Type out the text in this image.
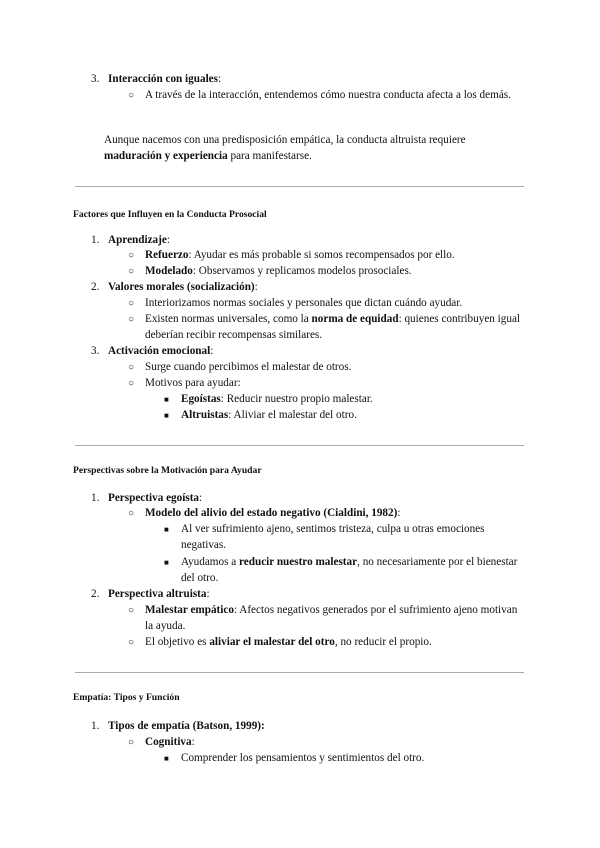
3. Interacción con iguales:
○ A través de la interacción, entendemos cómo nuestra conducta afecta a los demás.
Aunque nacemos con una predisposición empática, la conducta altruista requiere maduración y experiencia para manifestarse.
Factores que Influyen en la Conducta Prosocial
1. Aprendizaje:
○ Refuerzo: Ayudar es más probable si somos recompensados por ello.
○ Modelado: Observamos y replicamos modelos prosociales.
2. Valores morales (socialización):
○ Interiorizamos normas sociales y personales que dictan cuándo ayudar.
○ Existen normas universales, como la norma de equidad: quienes contribuyen igual deberían recibir recompensas similares.
3. Activación emocional:
○ Surge cuando percibimos el malestar de otros.
○ Motivos para ayudar:
■ Egoístas: Reducir nuestro propio malestar.
■ Altruistas: Aliviar el malestar del otro.
Perspectivas sobre la Motivación para Ayudar
1. Perspectiva egoísta:
○ Modelo del alivio del estado negativo (Cialdini, 1982):
■ Al ver sufrimiento ajeno, sentimos tristeza, culpa u otras emociones negativas.
■ Ayudamos a reducir nuestro malestar, no necesariamente por el bienestar del otro.
2. Perspectiva altruista:
○ Malestar empático: Afectos negativos generados por el sufrimiento ajeno motivan la ayuda.
○ El objetivo es aliviar el malestar del otro, no reducir el propio.
Empatía: Tipos y Función
1. Tipos de empatía (Batson, 1999):
○ Cognitiva:
■ Comprender los pensamientos y sentimientos del otro.
